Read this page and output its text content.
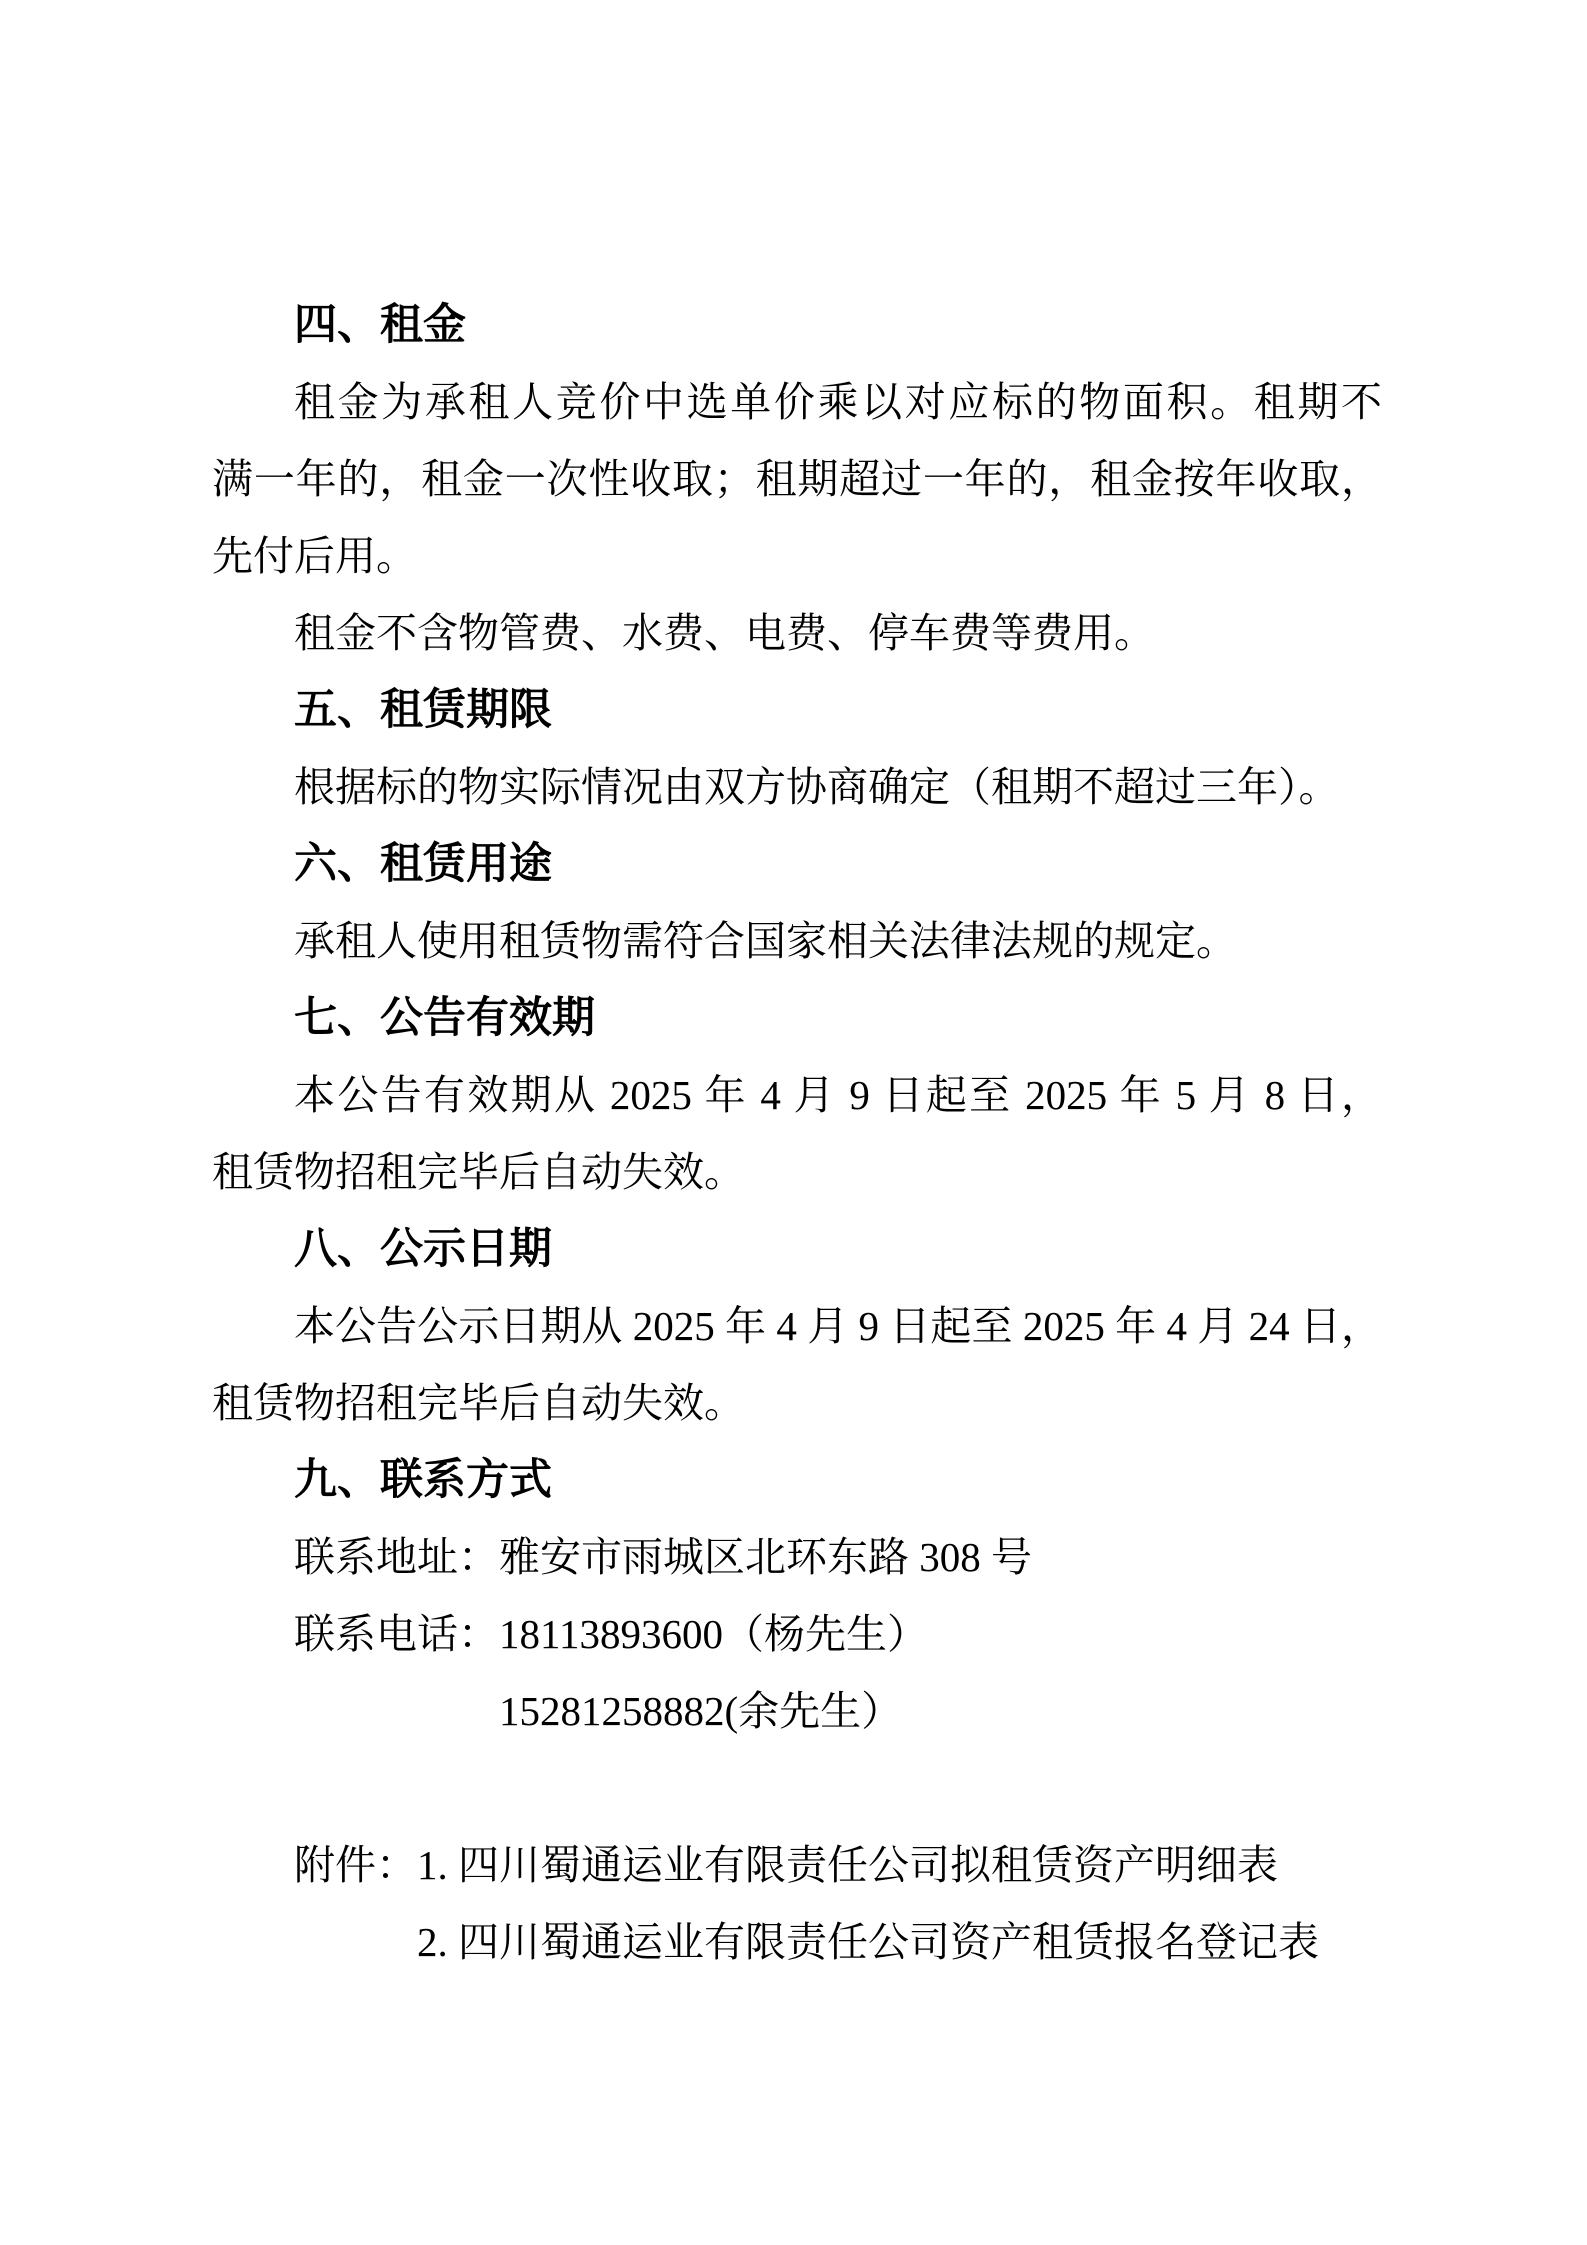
四、租金
租金为承租人竞价中选单价乘以对应标的物面积。租期不
满一年的，租金一次性收取；租期超过一年的，租金按年收取，
先付后用。
租金不含物管费、水费、电费、停车费等费用。
五、租赁期限
根据标的物实际情况由双方协商确定（租期不超过三年）。
六、租赁用途
承租人使用租赁物需符合国家相关法律法规的规定。
七、公告有效期
本公告有效期从 2025 年 4 月 9 日起至 2025 年 5 月 8 日，
租赁物招租完毕后自动失效。
八、公示日期
本公告公示日期从 2025 年 4 月 9 日起至 2025 年 4 月 24 日，
租赁物招租完毕后自动失效。
九、联系方式
联系地址：雅安市雨城区北环东路 308 号
联系电话：18113893600（杨先生）
15281258882(余先生）
附件：1. 四川蜀通运业有限责任公司拟租赁资产明细表
2. 四川蜀通运业有限责任公司资产租赁报名登记表
